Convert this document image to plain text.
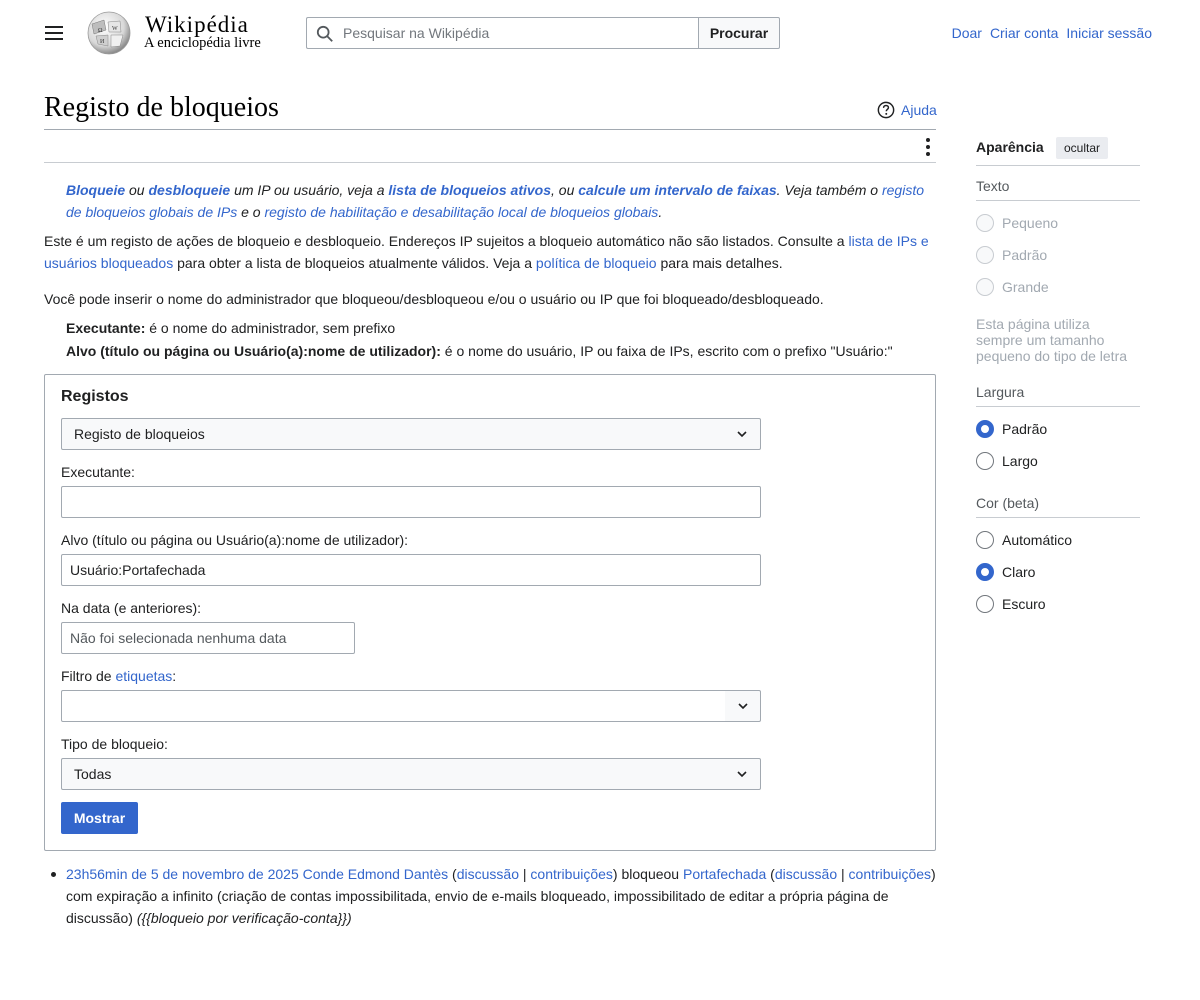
Ω W
И
Wikipédia
A enciclopédia livre
Pesquisar na Wikipédia
Procurar	Doar Criar conta Iniciar sessão
Registo de bloqueios	Ajuda
Bloqueie ou desbloqueie um IP ou usuário, veja a lista de bloqueios ativos, ou calcule um intervalo de faixas. Veja também o registo de bloqueios globais de IPs e o registo de habilitação e desabilitação local de bloqueios globais.
Este é um registo de ações de bloqueio e desbloqueio. Endereços IP sujeitos a bloqueio automático não são listados. Consulte a lista de IPs e usuários bloqueados para obter a lista de bloqueios atualmente válidos. Veja a política de bloqueio para mais detalhes.
Você pode inserir o nome do administrador que bloqueou/desbloqueou e/ou o usuário ou IP que foi bloqueado/desbloqueado.
Executante: é o nome do administrador, sem prefixo
Alvo (título ou página ou Usuário(a):nome de utilizador): é o nome do usuário, IP ou faixa de IPs, escrito com o prefixo "Usuário:"
Registos
Registo de bloqueios
Executante:
Alvo (título ou página ou Usuário(a):nome de utilizador):
Usuário:Portafechada
Na data (e anteriores):
Não foi selecionada nenhuma data
Filtro de etiquetas:
Tipo de bloqueio:
Todas
Mostrar
23h56min de 5 de novembro de 2025 Conde Edmond Dantès (discussão | contribuições) bloqueou Portafechada (discussão | contribuições) com expiração a infinito (criação de contas impossibilitada, envio de e-mails bloqueado, impossibilitado de editar a própria página de discussão) ({{bloqueio por verificação-conta}})
Aparência	ocultar
Texto
Pequeno
Padrão
Grande
Esta página utiliza sempre um tamanho pequeno do tipo de letra
Largura
Padrão
Largo
Cor (beta)
Automático
Claro
Escuro
